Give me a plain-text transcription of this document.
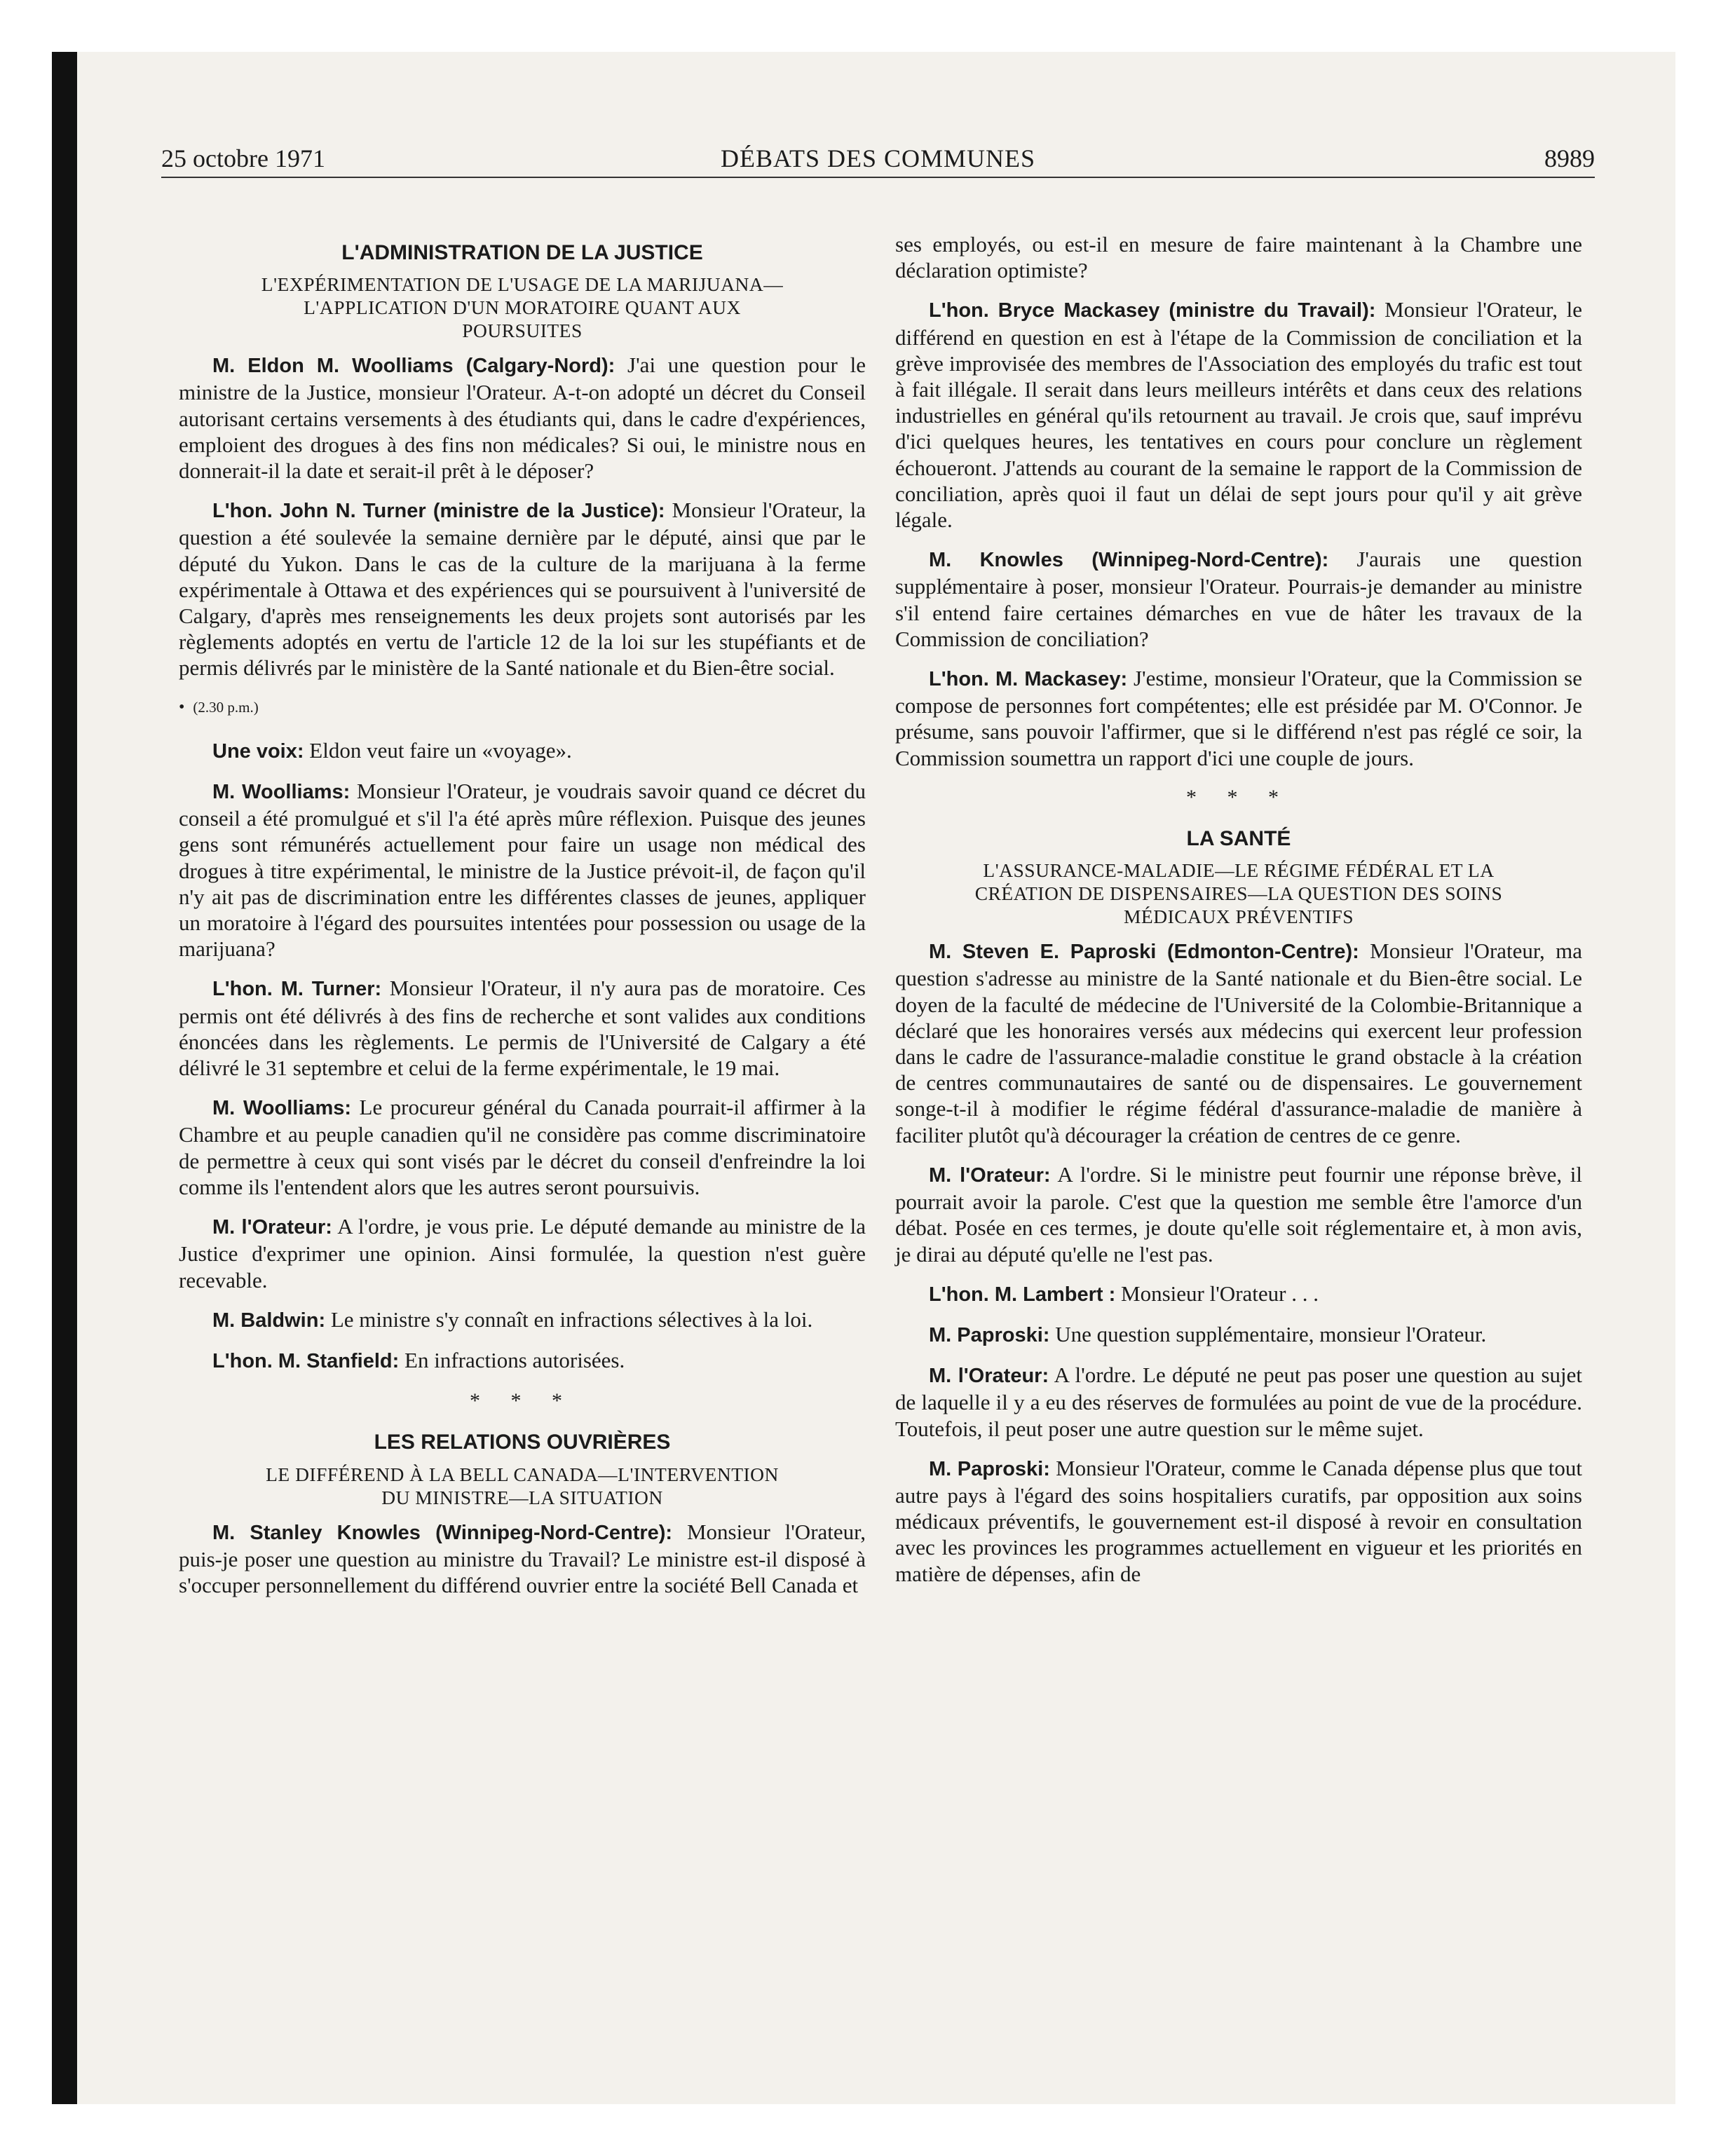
25 octobre 1971	DÉBATS DES COMMUNES	8989
L'ADMINISTRATION DE LA JUSTICE
L'EXPÉRIMENTATION DE L'USAGE DE LA MARIJUANA—
L'APPLICATION D'UN MORATOIRE QUANT AUX
POURSUITES

M. Eldon M. Woolliams (Calgary-Nord): J'ai une question pour le ministre de la Justice, monsieur l'Orateur. A-t-on adopté un décret du Conseil autorisant certains versements à des étudiants qui, dans le cadre d'expériences, emploient des drogues à des fins non médicales? Si oui, le ministre nous en donnerait-il la date et serait-il prêt à le déposer?

L'hon. John N. Turner (ministre de la Justice): Monsieur l'Orateur, la question a été soulevée la semaine dernière par le député, ainsi que par le député du Yukon. Dans le cas de la culture de la marijuana à la ferme expérimentale à Ottawa et des expériences qui se poursuivent à l'université de Calgary, d'après mes renseignements les deux projets sont autorisés par les règlements adoptés en vertu de l'article 12 de la loi sur les stupéfiants et de permis délivrés par le ministère de la Santé nationale et du Bien-être social.

• (2.30 p.m.)

Une voix: Eldon veut faire un «voyage».

M. Woolliams: Monsieur l'Orateur, je voudrais savoir quand ce décret du conseil a été promulgué et s'il l'a été après mûre réflexion. Puisque des jeunes gens sont rémunérés actuellement pour faire un usage non médical des drogues à titre expérimental, le ministre de la Justice prévoit-il, de façon qu'il n'y ait pas de discrimination entre les différentes classes de jeunes, appliquer un moratoire à l'égard des poursuites intentées pour possession ou usage de la marijuana?

L'hon. M. Turner: Monsieur l'Orateur, il n'y aura pas de moratoire. Ces permis ont été délivrés à des fins de recherche et sont valides aux conditions énoncées dans les règlements. Le permis de l'Université de Calgary a été délivré le 31 septembre et celui de la ferme expérimentale, le 19 mai.

M. Woolliams: Le procureur général du Canada pourrait-il affirmer à la Chambre et au peuple canadien qu'il ne considère pas comme discriminatoire de permettre à ceux qui sont visés par le décret du conseil d'enfreindre la loi comme ils l'entendent alors que les autres seront poursuivis.

M. l'Orateur: A l'ordre, je vous prie. Le député demande au ministre de la Justice d'exprimer une opinion. Ainsi formulée, la question n'est guère recevable.

M. Baldwin: Le ministre s'y connaît en infractions sélectives à la loi.

L'hon. M. Stanfield: En infractions autorisées.

* * *

LES RELATIONS OUVRIÈRES
LE DIFFÉREND À LA BELL CANADA—L'INTERVENTION
DU MINISTRE—LA SITUATION

M. Stanley Knowles (Winnipeg-Nord-Centre): Monsieur l'Orateur, puis-je poser une question au ministre du Travail? Le ministre est-il disposé à s'occuper personnellement du différend ouvrier entre la société Bell Canada et

ses employés, ou est-il en mesure de faire maintenant à la Chambre une déclaration optimiste?

L'hon. Bryce Mackasey (ministre du Travail): Monsieur l'Orateur, le différend en question en est à l'étape de la Commission de conciliation et la grève improvisée des membres de l'Association des employés du trafic est tout à fait illégale. Il serait dans leurs meilleurs intérêts et dans ceux des relations industrielles en général qu'ils retournent au travail. Je crois que, sauf imprévu d'ici quelques heures, les tentatives en cours pour conclure un règlement échoueront. J'attends au courant de la semaine le rapport de la Commission de conciliation, après quoi il faut un délai de sept jours pour qu'il y ait grève légale.

M. Knowles (Winnipeg-Nord-Centre): J'aurais une question supplémentaire à poser, monsieur l'Orateur. Pourrais-je demander au ministre s'il entend faire certaines démarches en vue de hâter les travaux de la Commission de conciliation?

L'hon. M. Mackasey: J'estime, monsieur l'Orateur, que la Commission se compose de personnes fort compétentes; elle est présidée par M. O'Connor. Je présume, sans pouvoir l'affirmer, que si le différend n'est pas réglé ce soir, la Commission soumettra un rapport d'ici une couple de jours.

* * *

LA SANTÉ
L'ASSURANCE-MALADIE—LE RÉGIME FÉDÉRAL ET LA
CRÉATION DE DISPENSAIRES—LA QUESTION DES SOINS
MÉDICAUX PRÉVENTIFS

M. Steven E. Paproski (Edmonton-Centre): Monsieur l'Orateur, ma question s'adresse au ministre de la Santé nationale et du Bien-être social. Le doyen de la faculté de médecine de l'Université de la Colombie-Britannique a déclaré que les honoraires versés aux médecins qui exercent leur profession dans le cadre de l'assurance-maladie constitue le grand obstacle à la création de centres communautaires de santé ou de dispensaires. Le gouvernement songe-t-il à modifier le régime fédéral d'assurance-maladie de manière à faciliter plutôt qu'à décourager la création de centres de ce genre.

M. l'Orateur: A l'ordre. Si le ministre peut fournir une réponse brève, il pourrait avoir la parole. C'est que la question me semble être l'amorce d'un débat. Posée en ces termes, je doute qu'elle soit réglementaire et, à mon avis, je dirai au député qu'elle ne l'est pas.

L'hon. M. Lambert : Monsieur l'Orateur . . .

M. Paproski: Une question supplémentaire, monsieur l'Orateur.

M. l'Orateur: A l'ordre. Le député ne peut pas poser une question au sujet de laquelle il y a eu des réserves de formulées au point de vue de la procédure. Toutefois, il peut poser une autre question sur le même sujet.

M. Paproski: Monsieur l'Orateur, comme le Canada dépense plus que tout autre pays à l'égard des soins hospitaliers curatifs, par opposition aux soins médicaux préventifs, le gouvernement est-il disposé à revoir en consultation avec les provinces les programmes actuellement en vigueur et les priorités en matière de dépenses, afin de
